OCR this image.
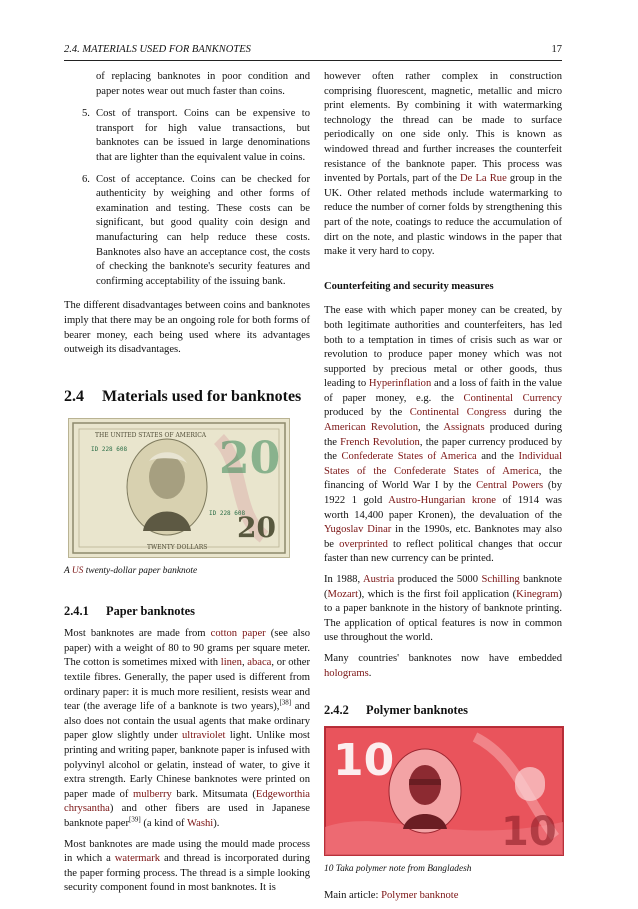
2.4. MATERIALS USED FOR BANKNOTES	17
of replacing banknotes in poor condition and paper notes wear out much faster than coins.
5. Cost of transport. Coins can be expensive to transport for high value transactions, but banknotes can be issued in large denominations that are lighter than the equivalent value in coins.
6. Cost of acceptance. Coins can be checked for authenticity by weighing and other forms of examination and testing. These costs can be significant, but good quality coin design and manufacturing can help reduce these costs. Banknotes also have an acceptance cost, the costs of checking the banknote's security features and confirming acceptability of the issuing bank.

The different disadvantages between coins and banknotes imply that there may be an ongoing role for both forms of bearer money, each being used where its advantages outweigh its disadvantages.

2.4 Materials used for banknotes
20
20
THE UNITED STATES OF AMERICA
ID 228 608
ID 228 608
TWENTY DOLLARS
A US twenty-dollar paper banknote
2.4.1 Paper banknotes

Most banknotes are made from cotton paper (see also paper) with a weight of 80 to 90 grams per square meter. The cotton is sometimes mixed with linen, abaca, or other textile fibres. Generally, the paper used is different from ordinary paper: it is much more resilient, resists wear and tear (the average life of a banknote is two years),[38] and also does not contain the usual agents that make ordinary paper glow slightly under ultraviolet light. Unlike most printing and writing paper, banknote paper is infused with polyvinyl alcohol or gelatin, instead of water, to give it extra strength. Early Chinese banknotes were printed on paper made of mulberry bark. Mitsumata (Edgeworthia chrysantha) and other fibers are used in Japanese banknote paper[39] (a kind of Washi).

Most banknotes are made using the mould made process in which a watermark and thread is incorporated during the paper forming process. The thread is a simple looking security component found in most banknotes. It is

however often rather complex in construction comprising fluorescent, magnetic, metallic and micro print elements. By combining it with watermarking technology the thread can be made to surface periodically on one side only. This is known as windowed thread and further increases the counterfeit resistance of the banknote paper. This process was invented by Portals, part of the De La Rue group in the UK. Other related methods include watermarking to reduce the number of corner folds by strengthening this part of the note, coatings to reduce the accumulation of dirt on the note, and plastic windows in the paper that make it very hard to copy.

Counterfeiting and security measures

The ease with which paper money can be created, by both legitimate authorities and counterfeiters, has led both to a temptation in times of crisis such as war or revolution to produce paper money which was not supported by precious metal or other goods, thus leading to Hyperinflation and a loss of faith in the value of paper money, e.g. the Continental Currency produced by the Continental Congress during the American Revolution, the Assignats produced during the French Revolution, the paper currency produced by the Confederate States of America and the Individual States of the Confederate States of America, the financing of World War I by the Central Powers (by 1922 1 gold Austro-Hungarian krone of 1914 was worth 14,400 paper Kronen), the devaluation of the Yugoslav Dinar in the 1990s, etc. Banknotes may also be overprinted to reflect political changes that occur faster than new currency can be printed.

In 1988, Austria produced the 5000 Schilling banknote (Mozart), which is the first foil application (Kinegram) to a paper banknote in the history of banknote printing. The application of optical features is now in common use throughout the world.

Many countries' banknotes now have embedded holograms.

2.4.2 Polymer banknotes
10
10
10 Taka polymer note from Bangladesh

Main article: Polymer banknote
